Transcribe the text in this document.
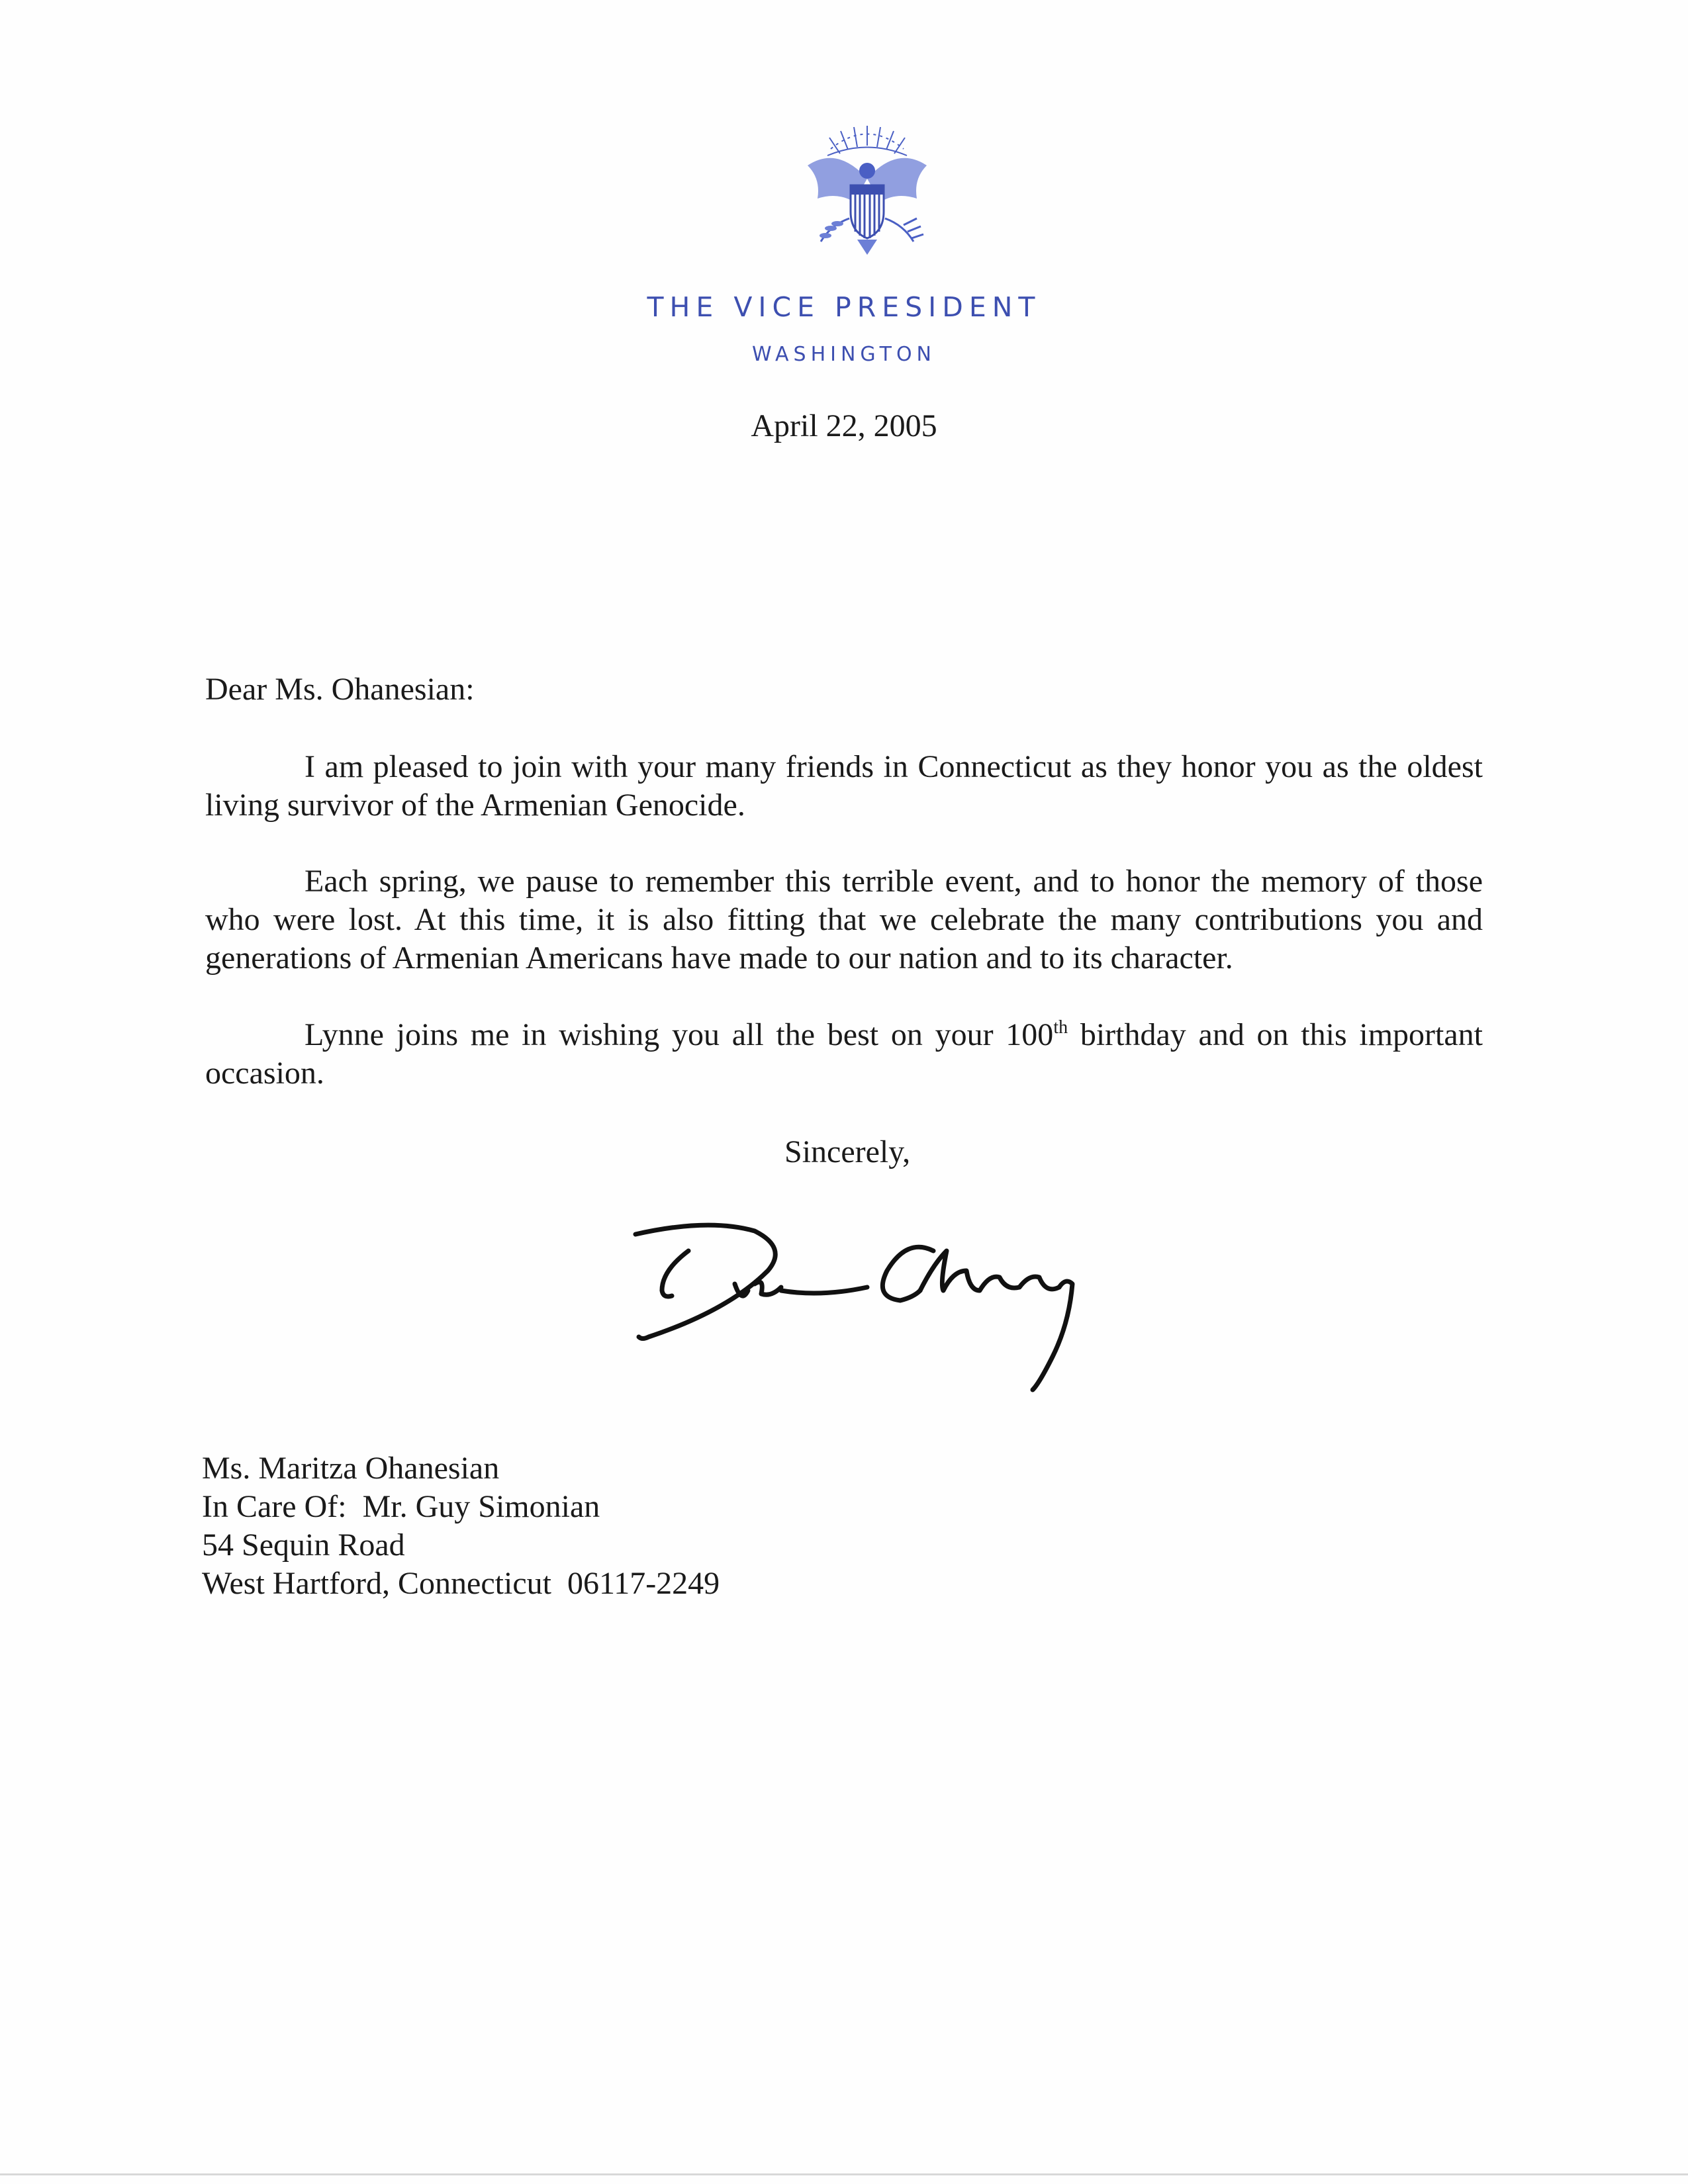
THE VICE PRESIDENT
WASHINGTON
April 22, 2005
Dear Ms. Ohanesian:

I am pleased to join with your many friends in Connecticut as they honor you as the oldest living survivor of the Armenian Genocide.

Each spring, we pause to remember this terrible event, and to honor the memory of those who were lost. At this time, it is also fitting that we celebrate the many contributions you and generations of Armenian Americans have made to our nation and to its character.

Lynne joins me in wishing you all the best on your 100th birthday and on this important occasion.

Sincerely,
Ms. Maritza Ohanesian
In Care Of:  Mr. Guy Simonian
54 Sequin Road
West Hartford, Connecticut  06117-2249
